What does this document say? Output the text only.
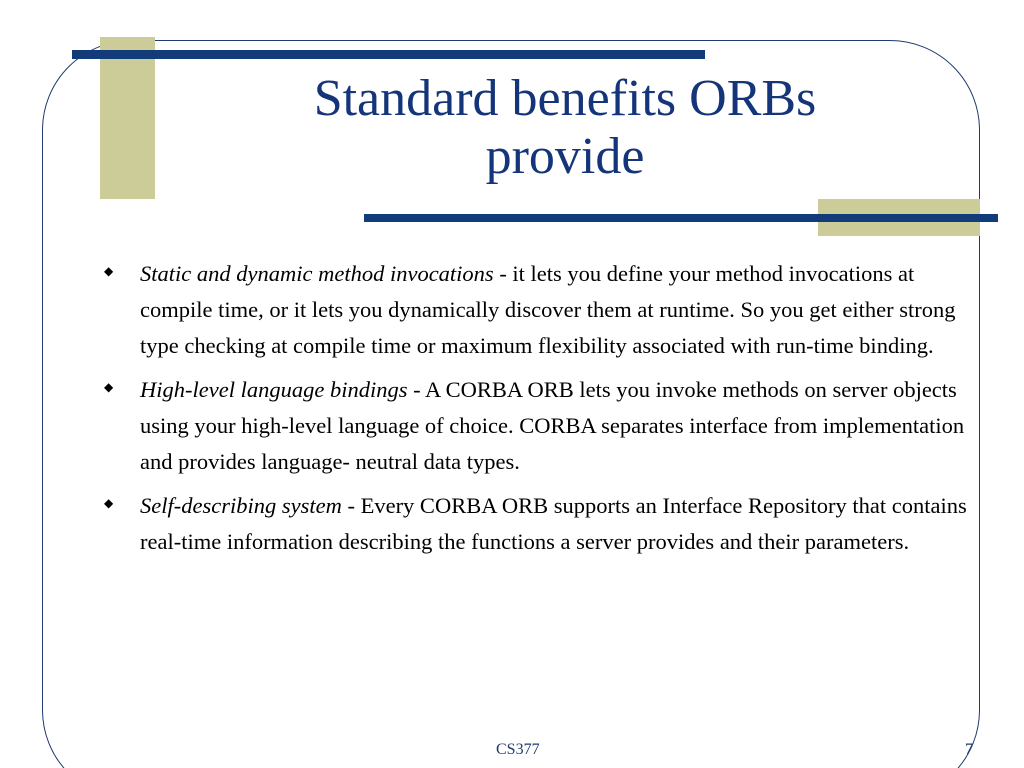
Standard benefits ORBs
provide
◆ Static and dynamic method invocations - it lets you define your method invocations at compile time, or it lets you dynamically discover them at runtime. So you get either strong type checking at compile time or maximum flexibility associated with run-time binding.
◆ High-level language bindings - A CORBA ORB lets you invoke methods on server objects using your high-level language of choice. CORBA separates interface from implementation and provides language- neutral data types.
◆ Self-describing system - Every CORBA ORB supports an Interface Repository that contains real-time information describing the functions a server provides and their parameters.
CS377	7
